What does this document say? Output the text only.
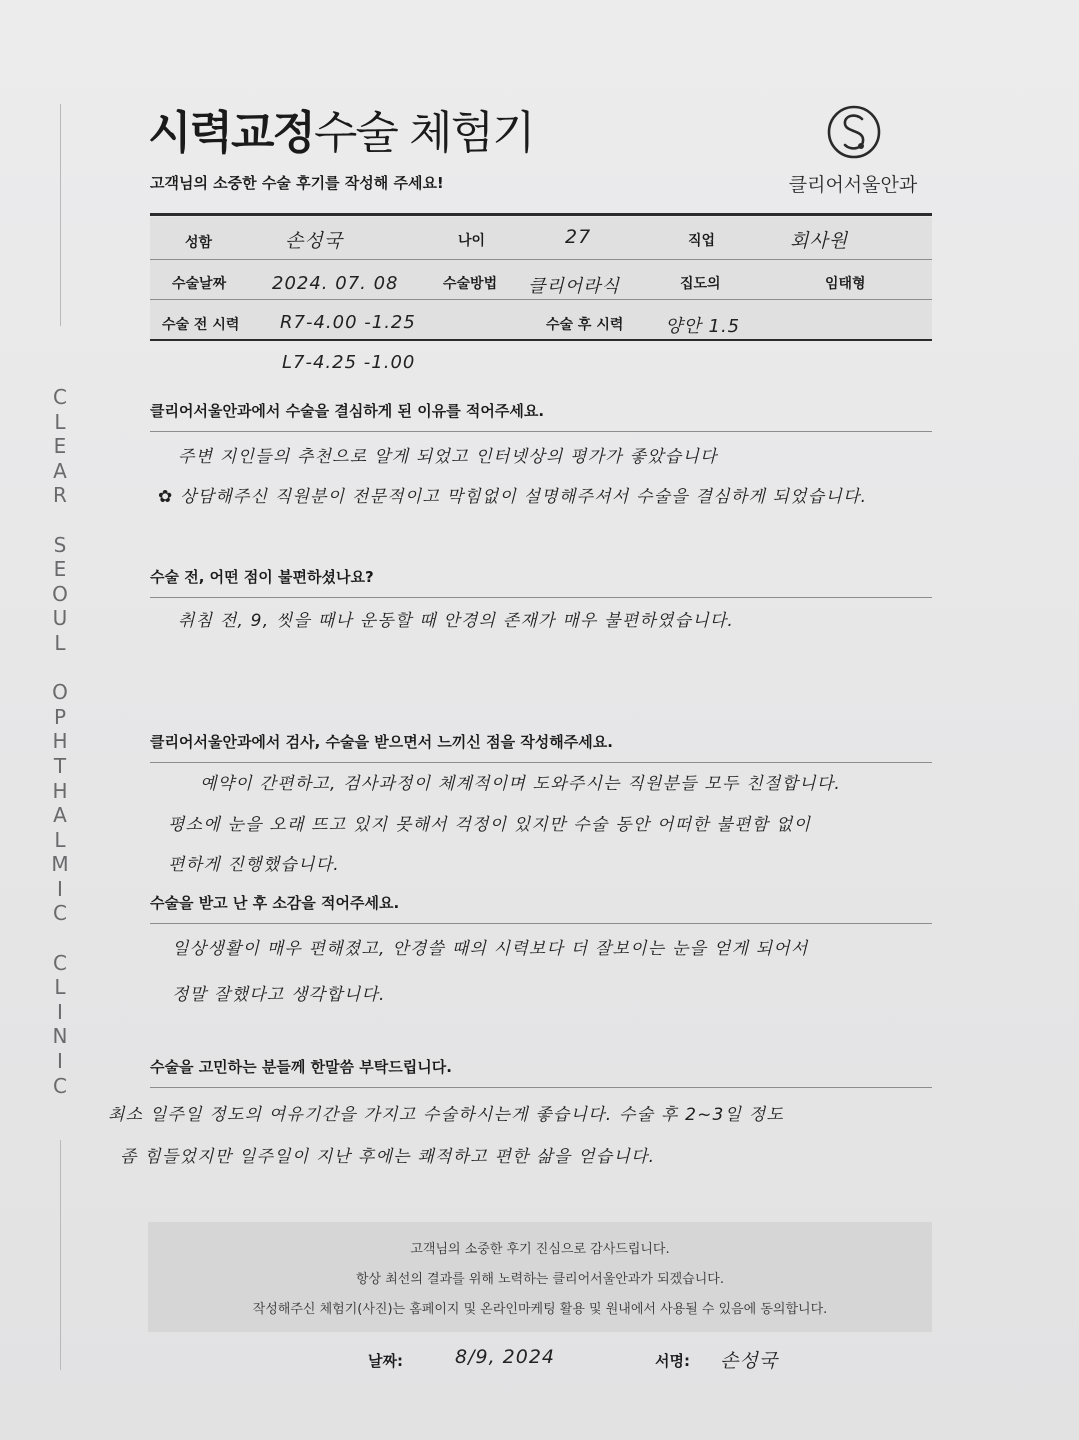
C
L
E
A
R

S
E
O
U
L

O
P
H
T
H
A
L
M
I
C

C
L
I
N
I
C
시력교정수술 체험기
고객님의 소중한 수술 후기를 작성해 주세요!	클리어서울안과
성함	손성국	나이	27	직업	회사원
수술날짜	2024. 07. 08	수술방법 클리어라식	집도의	임태형
수술 전 시력 R7-4.00 -1.25	수술 후 시력 양안 1.5
L7-4.25 -1.00
클리어서울안과에서 수술을 결심하게 된 이유를 적어주세요.
주변 지인들의 추천으로 알게 되었고 인터넷상의 평가가 좋았습니다
✿ 상담해주신 직원분이 전문적이고 막힘없이 설명해주셔서 수술을 결심하게 되었습니다.
수술 전, 어떤 점이 불편하셨나요?
취침 전, 9, 씻을 때나 운동할 때 안경의 존재가 매우 불편하였습니다.
클리어서울안과에서 검사, 수술을 받으면서 느끼신 점을 작성해주세요.
예약이 간편하고, 검사과정이 체계적이며 도와주시는 직원분들 모두 친절합니다.
평소에 눈을 오래 뜨고 있지 못해서 걱정이 있지만 수술 동안 어떠한 불편함 없이
편하게 진행했습니다.
수술을 받고 난 후 소감을 적어주세요.
일상생활이 매우 편해졌고, 안경쓸 때의 시력보다 더 잘보이는 눈을 얻게 되어서
정말 잘했다고 생각합니다.
수술을 고민하는 분들께 한말씀 부탁드립니다.
최소 일주일 정도의 여유기간을 가지고 수술하시는게 좋습니다. 수술 후 2~3일 정도
좀 힘들었지만 일주일이 지난 후에는 쾌적하고 편한 삶을 얻습니다.
고객님의 소중한 후기 진심으로 감사드립니다.
항상 최선의 결과를 위해 노력하는 클리어서울안과가 되겠습니다.
작성해주신 체험기(사진)는 홈페이지 및 온라인마케팅 활용 및 원내에서 사용될 수 있음에 동의합니다.
날짜:	8/9, 2024	서명: 손성국
